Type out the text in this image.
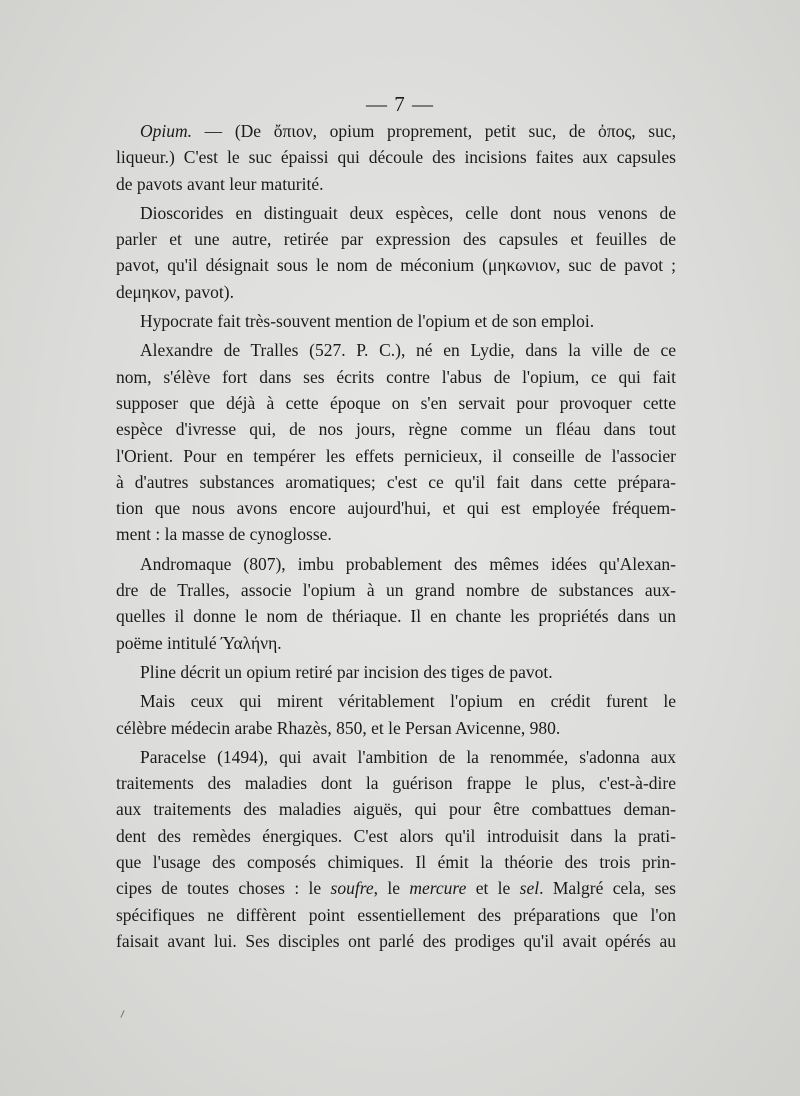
— 7 —
Opium. — (De ὄπιον, opium proprement, petit suc, de ὀπος, suc,
liqueur.) C'est le suc épaissi qui découle des incisions faites aux capsules
de pavots avant leur maturité.
Dioscorides en distinguait deux espèces, celle dont nous venons de
parler et une autre, retirée par expression des capsules et feuilles de
pavot, qu'il désignait sous le nom de méconium (μηκωνιον, suc de pavot ;
deμηκον, pavot).
Hypocrate fait très-souvent mention de l'opium et de son emploi.
Alexandre de Tralles (527. P. C.), né en Lydie, dans la ville de ce
nom, s'élève fort dans ses écrits contre l'abus de l'opium, ce qui fait
supposer que déjà à cette époque on s'en servait pour provoquer cette
espèce d'ivresse qui, de nos jours, règne comme un fléau dans tout
l'Orient. Pour en tempérer les effets pernicieux, il conseille de l'associer
à d'autres substances aromatiques; c'est ce qu'il fait dans cette prépara-
tion que nous avons encore aujourd'hui, et qui est employée fréquem-
ment : la masse de cynoglosse.
Andromaque (807), imbu probablement des mêmes idées qu'Alexan-
dre de Tralles, associe l'opium à un grand nombre de substances aux-
quelles il donne le nom de thériaque. Il en chante les propriétés dans un
poëme intitulé Ύαλήνη.
Pline décrit un opium retiré par incision des tiges de pavot.
Mais ceux qui mirent véritablement l'opium en crédit furent le
célèbre médecin arabe Rhazès, 850, et le Persan Avicenne, 980.
Paracelse (1494), qui avait l'ambition de la renommée, s'adonna aux
traitements des maladies dont la guérison frappe le plus, c'est-à-dire
aux traitements des maladies aiguës, qui pour être combattues deman-
dent des remèdes énergiques. C'est alors qu'il introduisit dans la prati-
que l'usage des composés chimiques. Il émit la théorie des trois prin-
cipes de toutes choses : le soufre, le mercure et le sel. Malgré cela, ses
spécifiques ne diffèrent point essentiellement des préparations que l'on
faisait avant lui. Ses disciples ont parlé des prodiges qu'il avait opérés au
